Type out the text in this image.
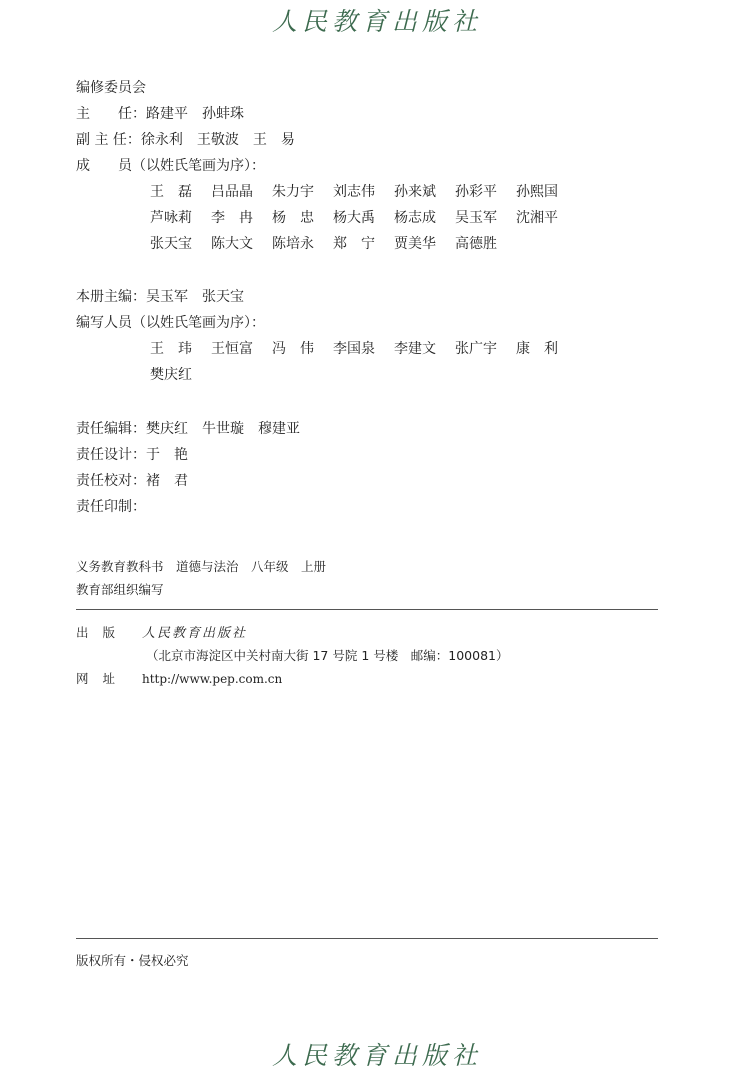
人民教育出版社
编修委员会
主　　任：路建平　孙蚌珠
副 主 任：徐永利　王敬波　王　易
成　　员（以姓氏笔画为序）：
王　磊 吕品晶 朱力宇 刘志伟 孙来斌 孙彩平 孙熙国
芦咏莉 李　冉 杨　忠 杨大禹 杨志成 吴玉军 沈湘平
张天宝 陈大文 陈培永 郑　宁 贾美华 高德胜
本册主编：吴玉军　张天宝
编写人员（以姓氏笔画为序）：
王　玮 王恒富 冯　伟 李国泉 李建文 张广宇 康　利
樊庆红
责任编辑：樊庆红　牛世璇　穆建亚
责任设计：于　艳
责任校对：褚　君
责任印制：
义务教育教科书　道德与法治　八年级　上册
教育部组织编写
出版 人民教育出版社
（北京市海淀区中关村南大街 17 号院 1 号楼　邮编：100081）
网址 http://www.pep.com.cn
版权所有・侵权必究
人民教育出版社
